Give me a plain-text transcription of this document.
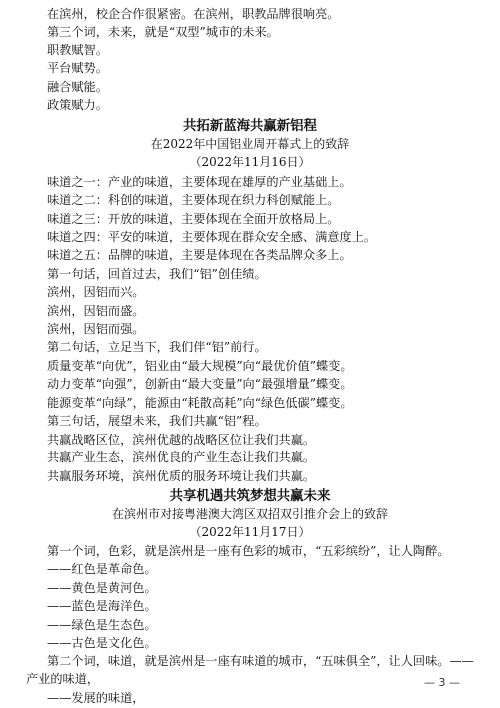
在滨州，校企合作很紧密。在滨州，职教品牌很响亮。
第三个词，未来，就是“双型”城市的未来。
职教赋智。
平台赋势。
融合赋能。
政策赋力。
共拓新蓝海共赢新铝程
在2022年中国铝业周开幕式上的致辞
（2022年11月16日）
味道之一：产业的味道，主要体现在雄厚的产业基础上。
味道之二：科创的味道，主要体现在织力科创赋能上。
味道之三：开放的味道，主要体现在全面开放格局上。
味道之四：平安的味道，主要体现在群众安全感、满意度上。
味道之五：品牌的味道，主要是体现在各类品牌众多上。
第一句话，回首过去，我们“铝”创佳绩。
滨州，因铝而兴。
滨州，因铝而盛。
滨州，因铝而强。
第二句话，立足当下，我们伴“铝”前行。
质量变革“向优”，铝业由“最大规模”向“最优价值”蝶变。
动力变革“向强”，创新由“最大变量”向“最强增量”蝶变。
能源变革“向绿”，能源由“耗散高耗”向“绿色低碳”蝶变。
第三句话，展望未来，我们共赢“铝”程。
共赢战略区位，滨州优越的战略区位让我们共赢。
共赢产业生态，滨州优良的产业生态让我们共赢。
共赢服务环境，滨州优质的服务环境让我们共赢。
共享机遇共筑梦想共赢未来
在滨州市对接粤港澳大湾区双招双引推介会上的致辞
（2022年11月17日）
第一个词，色彩，就是滨州是一座有色彩的城市，“五彩缤纷”，让人陶醉。
——红色是革命色。
——黄色是黄河色。
——蓝色是海洋色。
——绿色是生态色。
——古色是文化色。
第二个词，味道，就是滨州是一座有味道的城市，“五味俱全”，让人回味。——
产业的味道，
——发展的味道，
— 3 —
